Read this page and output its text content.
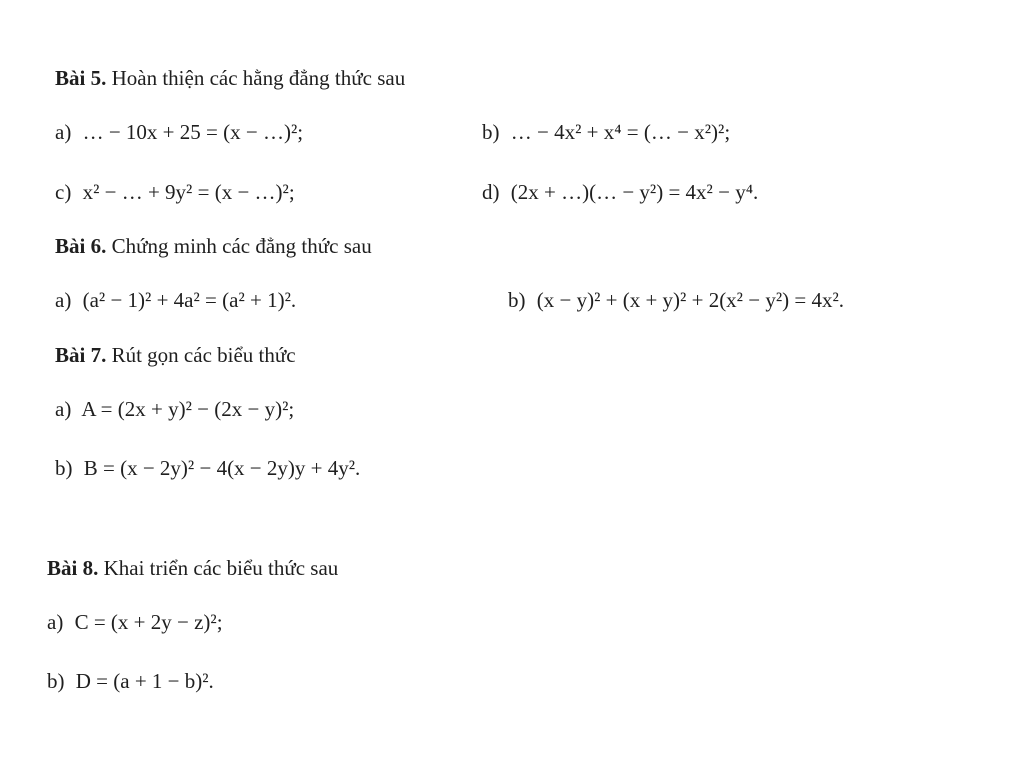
Bài 5. Hoàn thiện các hằng đẳng thức sau
a) … − 10x + 25 = (x − …)²;	b) … − 4x² + x⁴ = (… − x²)²;
c) x² − … + 9y² = (x − …)²;	d) (2x + …)(… − y²) = 4x² − y⁴.
Bài 6. Chứng minh các đẳng thức sau
a) (a² − 1)² + 4a² = (a² + 1)².	b) (x − y)² + (x + y)² + 2(x² − y²) = 4x².
Bài 7. Rút gọn các biểu thức
a) A = (2x + y)² − (2x − y)²;
b) B = (x − 2y)² − 4(x − 2y)y + 4y².
Bài 8. Khai triển các biểu thức sau
a) C = (x + 2y − z)²;
b) D = (a + 1 − b)².
